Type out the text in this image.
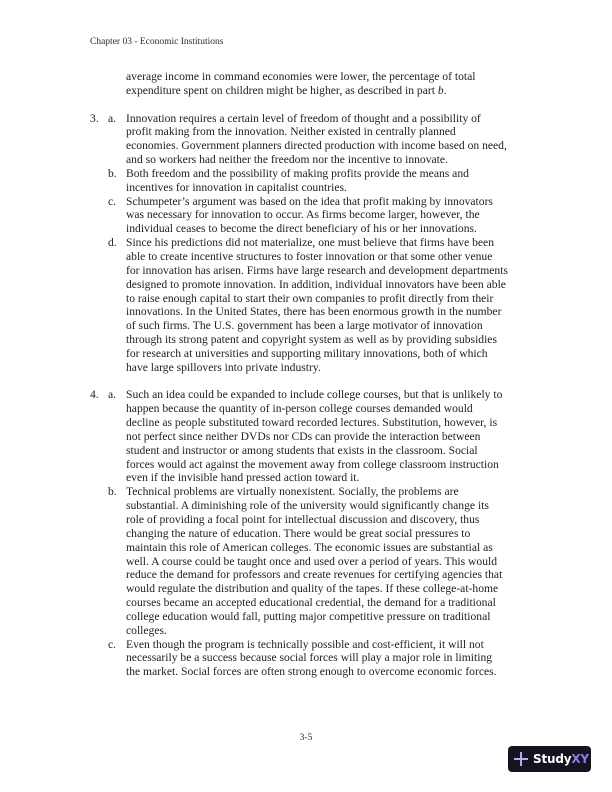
Chapter 03 - Economic Institutions
average income in command economies were lower, the percentage of total
expenditure spent on children might be higher, as described in part b.
3. a. Innovation requires a certain level of freedom of thought and a possibility of
profit making from the innovation. Neither existed in centrally planned
economies. Government planners directed production with income based on need,
and so workers had neither the freedom nor the incentive to innovate.
b. Both freedom and the possibility of making profits provide the means and
incentives for innovation in capitalist countries.
c. Schumpeter’s argument was based on the idea that profit making by innovators
was necessary for innovation to occur. As firms become larger, however, the
individual ceases to become the direct beneficiary of his or her innovations.
d. Since his predictions did not materialize, one must believe that firms have been
able to create incentive structures to foster innovation or that some other venue
for innovation has arisen. Firms have large research and development departments
designed to promote innovation. In addition, individual innovators have been able
to raise enough capital to start their own companies to profit directly from their
innovations. In the United States, there has been enormous growth in the number
of such firms. The U.S. government has been a large motivator of innovation
through its strong patent and copyright system as well as by providing subsidies
for research at universities and supporting military innovations, both of which
have large spillovers into private industry.
4. a. Such an idea could be expanded to include college courses, but that is unlikely to
happen because the quantity of in-person college courses demanded would
decline as people substituted toward recorded lectures. Substitution, however, is
not perfect since neither DVDs nor CDs can provide the interaction between
student and instructor or among students that exists in the classroom. Social
forces would act against the movement away from college classroom instruction
even if the invisible hand pressed action toward it.
b. Technical problems are virtually nonexistent. Socially, the problems are
substantial. A diminishing role of the university would significantly change its
role of providing a focal point for intellectual discussion and discovery, thus
changing the nature of education. There would be great social pressures to
maintain this role of American colleges. The economic issues are substantial as
well. A course could be taught once and used over a period of years. This would
reduce the demand for professors and create revenues for certifying agencies that
would regulate the distribution and quality of the tapes. If these college-at-home
courses became an accepted educational credential, the demand for a traditional
college education would fall, putting major competitive pressure on traditional
colleges.
c. Even though the program is technically possible and cost-efficient, it will not
necessarily be a success because social forces will play a major role in limiting
the market. Social forces are often strong enough to overcome economic forces.
3-5
StudyXY
